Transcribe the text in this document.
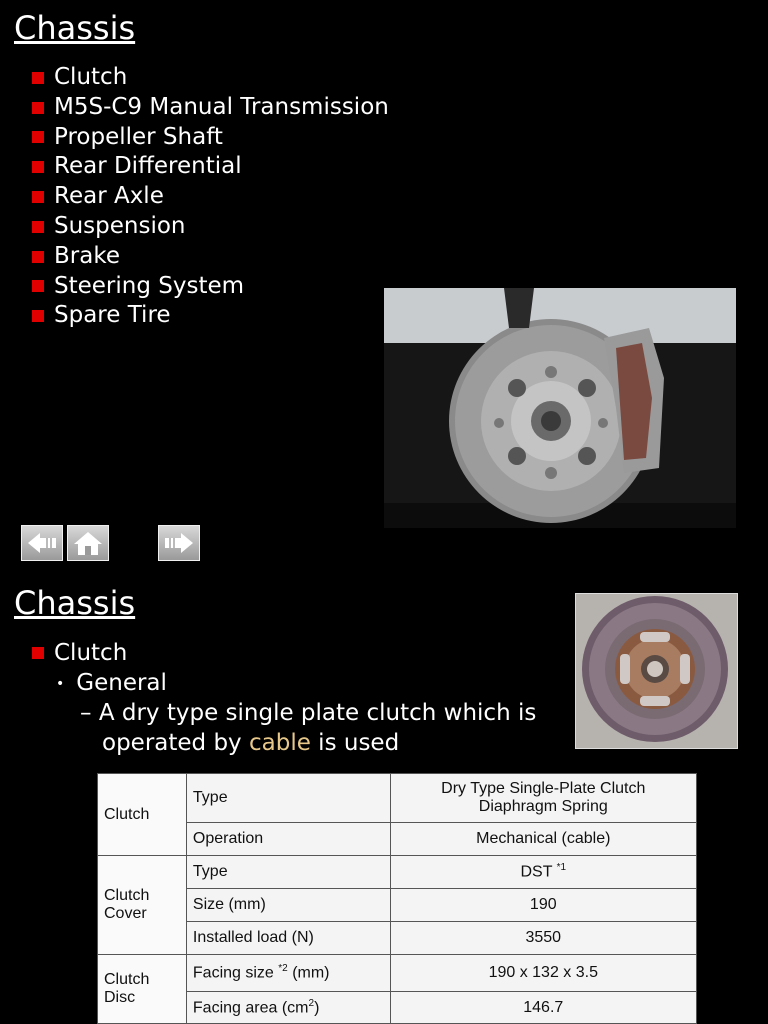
Chassis
Clutch
M5S-C9 Manual Transmission
Propeller Shaft
Rear Differential
Rear Axle
Suspension
Brake
Steering System
Spare Tire
Chassis
Clutch
• General
– A dry type single plate clutch which is
operated by cable is used
Clutch	Type	Dry Type Single-Plate Clutch
Diaphragm Spring
	Operation	Mechanical (cable)
Clutch
Cover	Type	DST $^{*1}$
	Size (mm)	190
	Installed load (N)	3550
Clutch
Disc	Facing size $^{*2}$ (mm)	190 x 132 x 3.5
	Facing area $(cm^2)$	146.7
